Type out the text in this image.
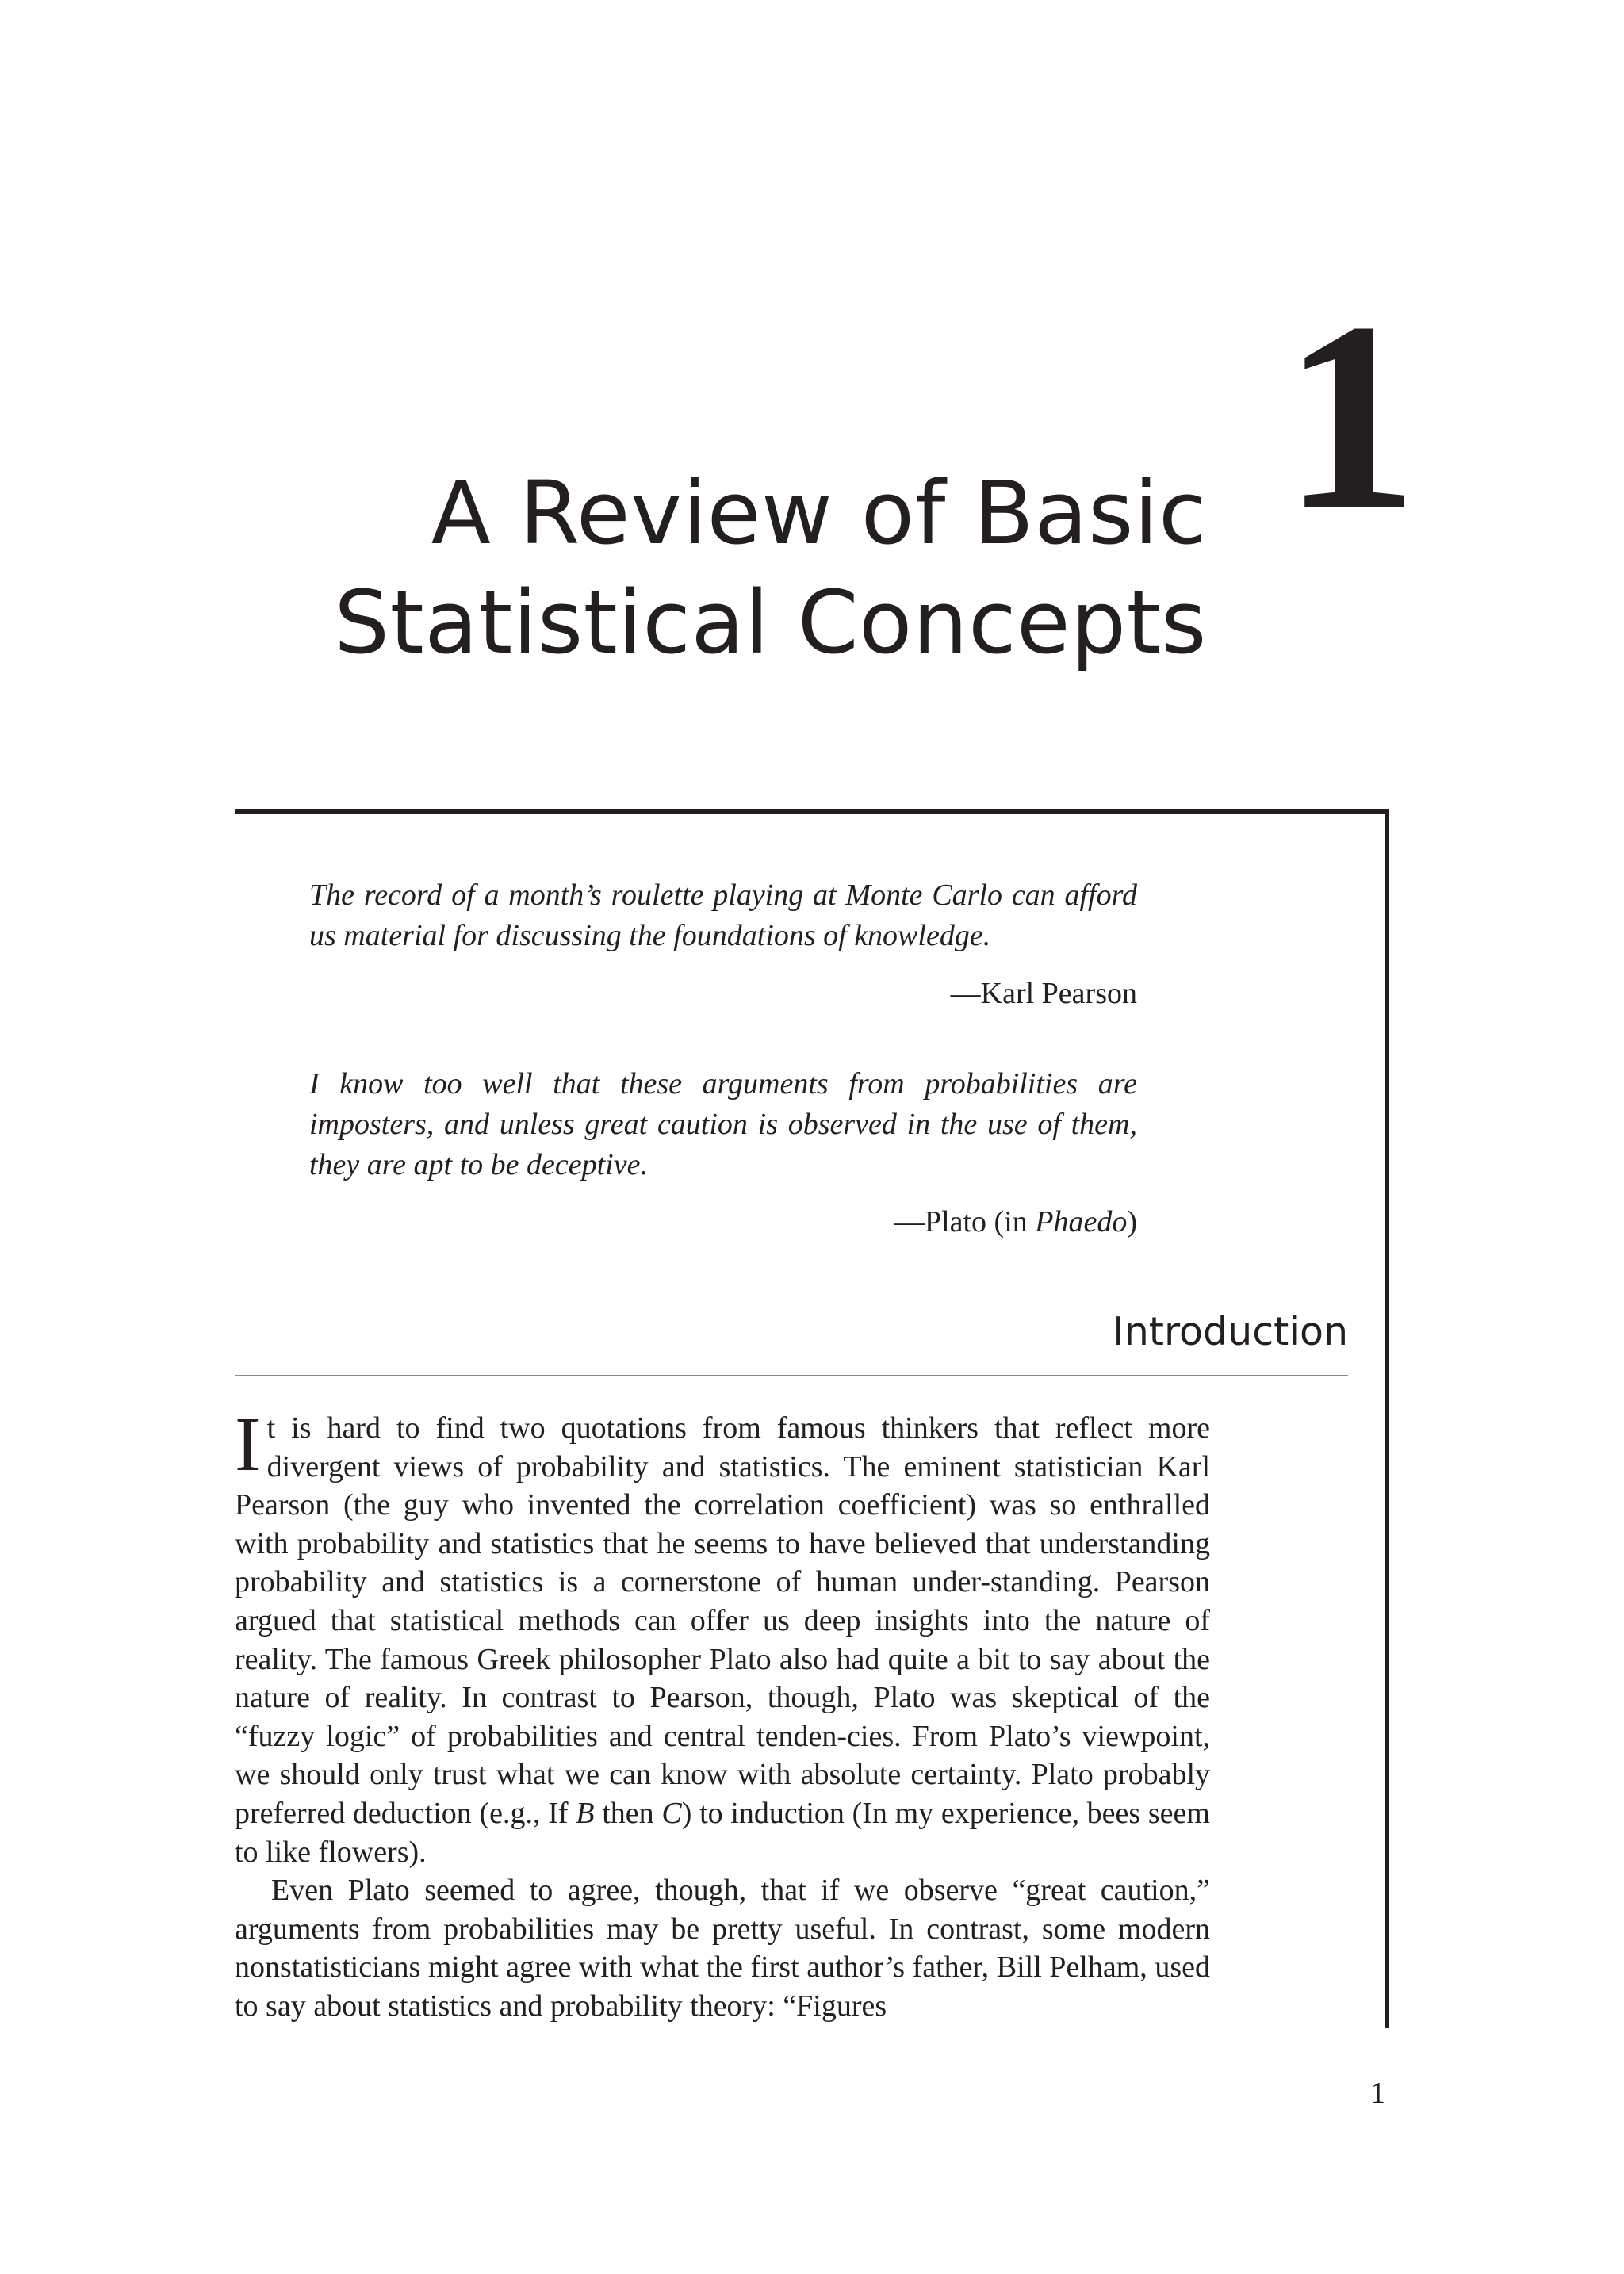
A Review of Basic
Statistical Concepts
1
The record of a month’s roulette playing at Monte Carlo can afford us material for discussing the foundations of knowledge.
—Karl Pearson
I know too well that these arguments from probabilities are imposters, and unless great caution is observed in the use of them, they are apt to be deceptive.
—Plato (in Phaedo)
Introduction

It is hard to find two quotations from famous thinkers that reflect more divergent views of probability and statistics. The eminent statistician Karl Pearson (the guy who invented the correlation coefficient) was so enthralled with probability and statistics that he seems to have believed that understanding probability and statistics is a cornerstone of human under-standing. Pearson argued that statistical methods can offer us deep insights into the nature of reality. The famous Greek philosopher Plato also had quite a bit to say about the nature of reality. In contrast to Pearson, though, Plato was skeptical of the “fuzzy logic” of probabilities and central tenden-cies. From Plato’s viewpoint, we should only trust what we can know with absolute certainty. Plato probably preferred deduction (e.g., If B then C) to induction (In my experience, bees seem to like flowers).

Even Plato seemed to agree, though, that if we observe “great caution,” arguments from probabilities may be pretty useful. In contrast, some modern nonstatisticians might agree with what the first author’s father, Bill Pelham, used to say about statistics and probability theory: “Figures

1
